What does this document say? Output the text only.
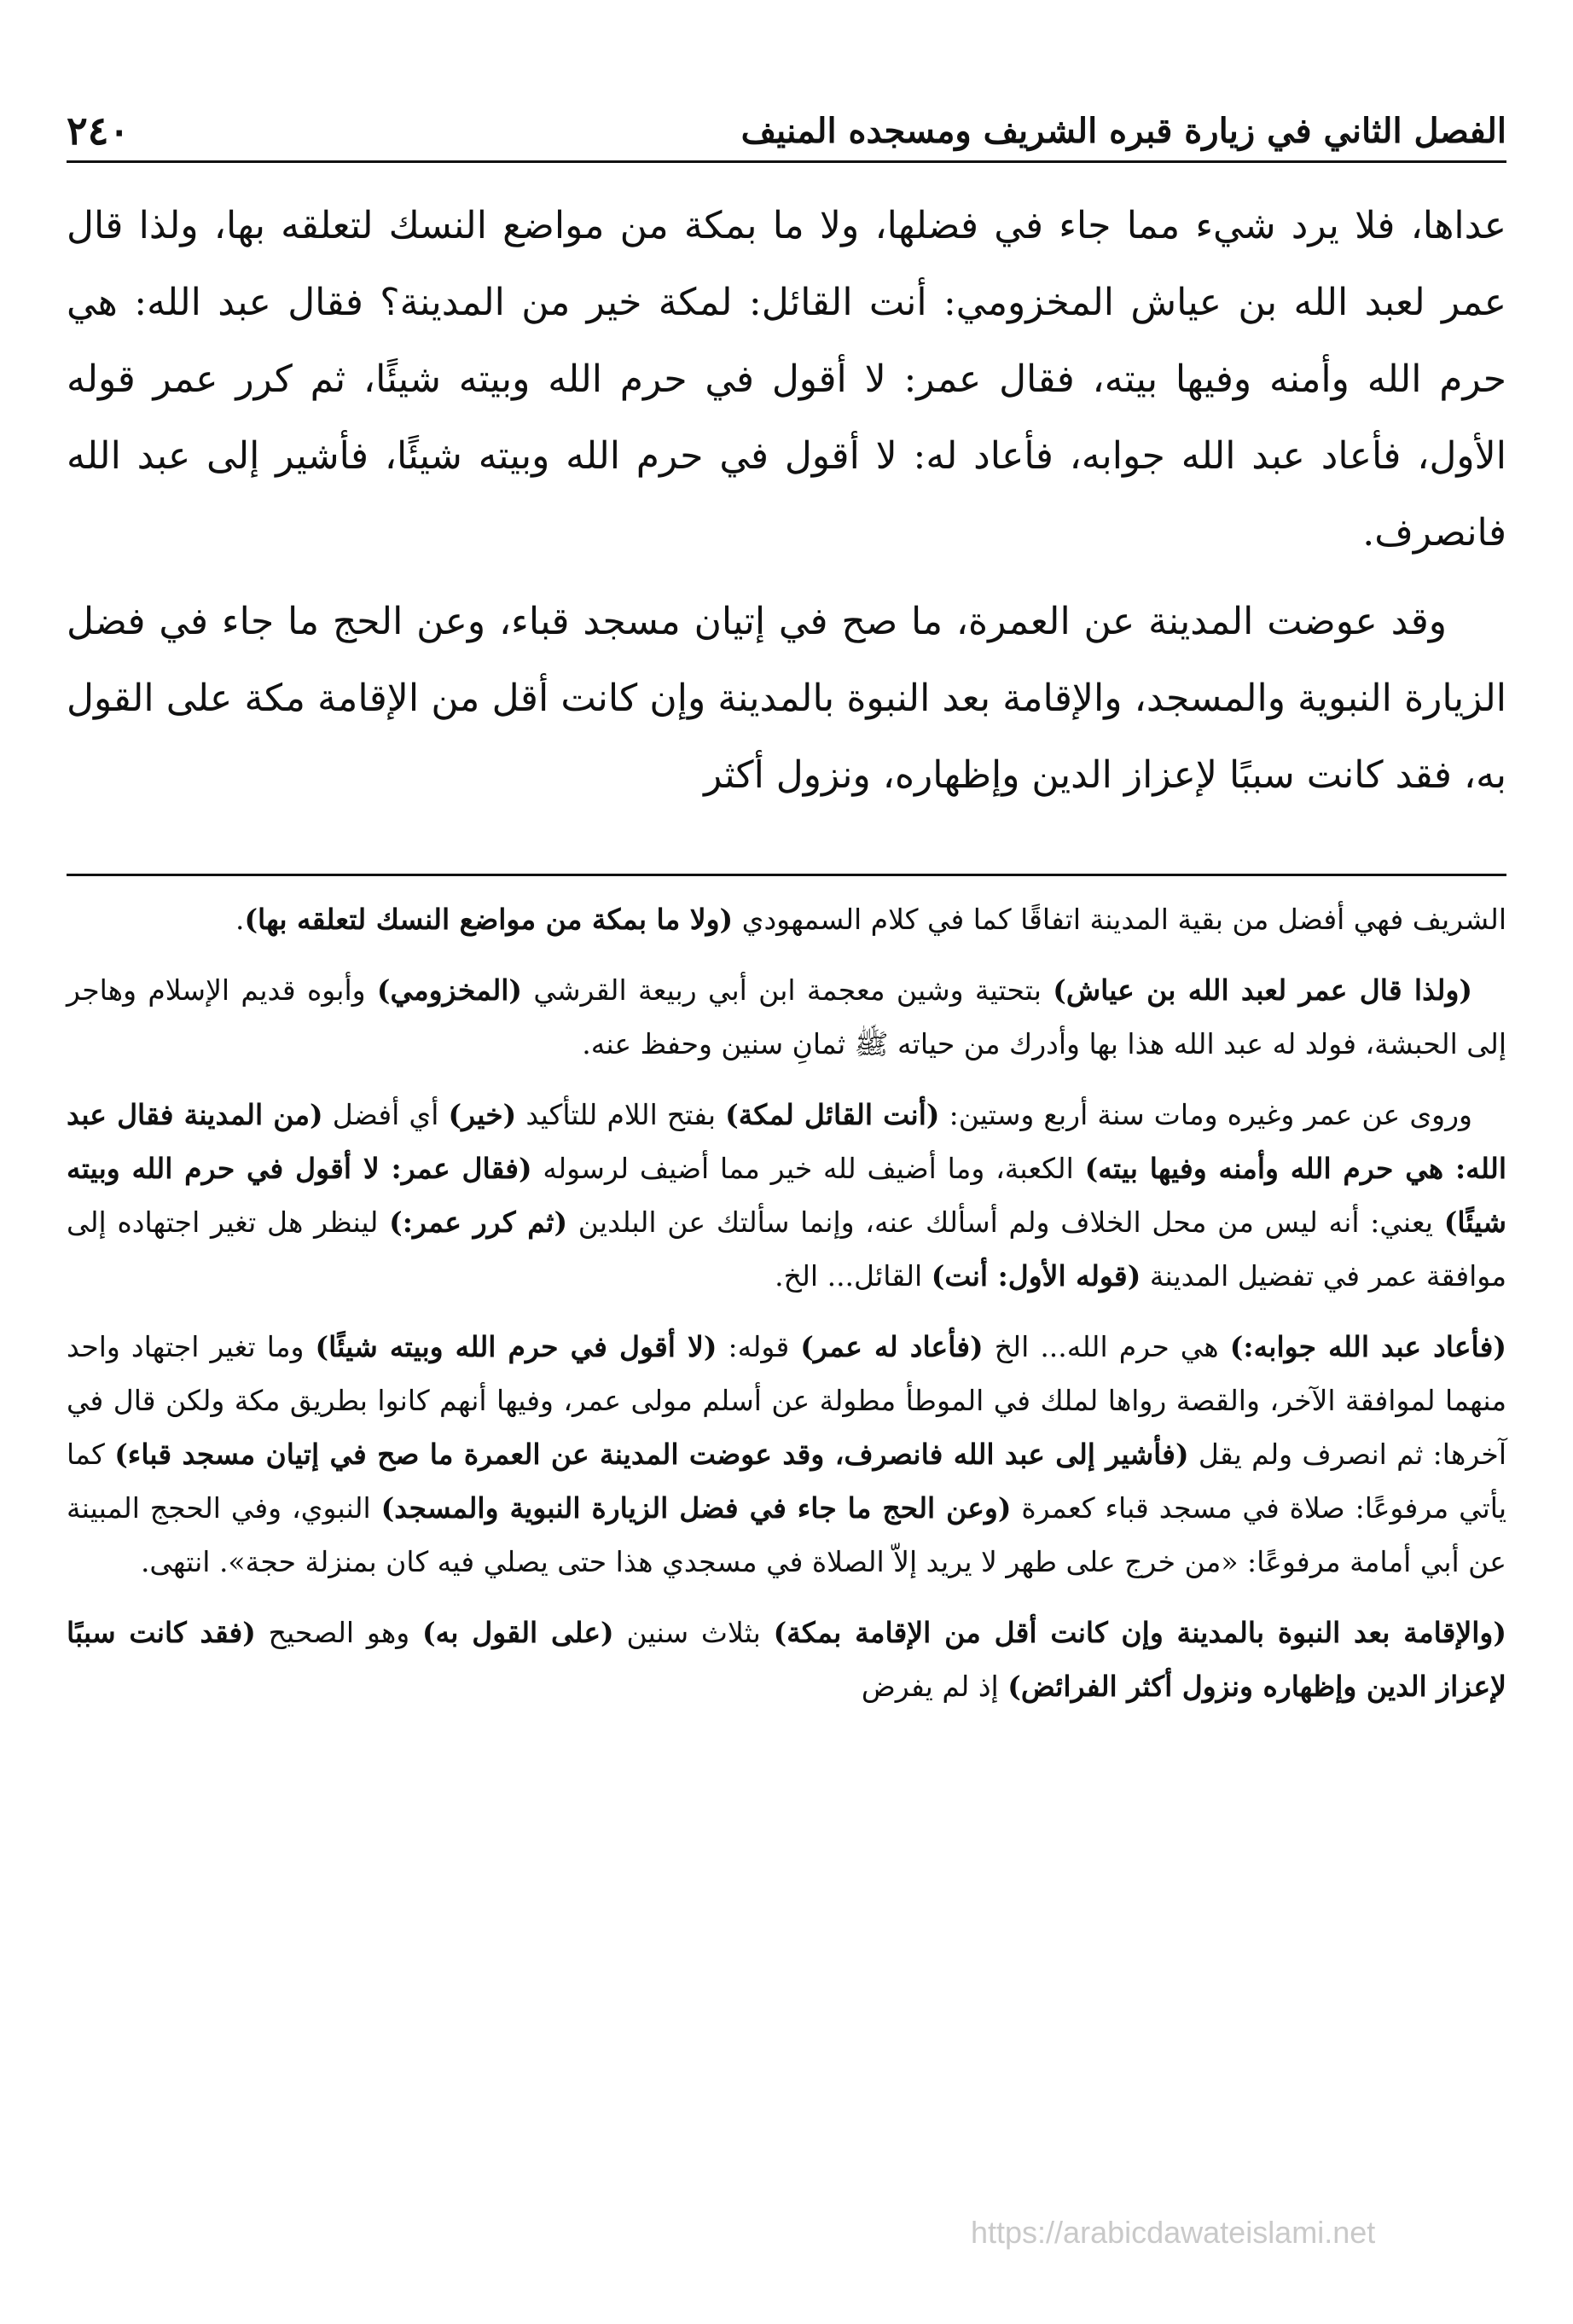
الفصل الثاني في زيارة قبره الشريف ومسجده المنيف
٢٤٠

عداها، فلا يرد شيء مما جاء في فضلها، ولا ما بمكة من مواضع النسك لتعلقه بها، ولذا قال عمر لعبد الله بن عياش المخزومي: أنت القائل: لمكة خير من المدينة؟ فقال عبد الله: هي حرم الله وأمنه وفيها بيته، فقال عمر: لا أقول في حرم الله وبيته شيئًا، ثم كرر عمر قوله الأول، فأعاد عبد الله جوابه، فأعاد له: لا أقول في حرم الله وبيته شيئًا، فأشير إلى عبد الله فانصرف.

وقد عوضت المدينة عن العمرة، ما صح في إتيان مسجد قباء، وعن الحج ما جاء في فضل الزيارة النبوية والمسجد، والإقامة بعد النبوة بالمدينة وإن كانت أقل من الإقامة مكة على القول به، فقد كانت سببًا لإعزاز الدين وإظهاره، ونزول أكثر

الشريف فهي أفضل من بقية المدينة اتفاقًا كما في كلام السمهودي (ولا ما بمكة من مواضع النسك لتعلقه بها).

(ولذا قال عمر لعبد الله بن عياش) بتحتية وشين معجمة ابن أبي ربيعة القرشي (المخزومي) وأبوه قديم الإسلام وهاجر إلى الحبشة، فولد له عبد الله هذا بها وأدرك من حياته ﷺ ثمانِ سنين وحفظ عنه.

وروى عن عمر وغيره ومات سنة أربع وستين: (أنت القائل لمكة) بفتح اللام للتأكيد (خير) أي أفضل (من المدينة فقال عبد الله: هي حرم الله وأمنه وفيها بيته) الكعبة، وما أضيف لله خير مما أضيف لرسوله (فقال عمر: لا أقول في حرم الله وبيته شيئًا) يعني: أنه ليس من محل الخلاف ولم أسألك عنه، وإنما سألتك عن البلدين (ثم كرر عمر:) لينظر هل تغير اجتهاده إلى موافقة عمر في تفضيل المدينة (قوله الأول: أنت) القائل... الخ.

(فأعاد عبد الله جوابه:) هي حرم الله... الخ (فأعاد له عمر) قوله: (لا أقول في حرم الله وبيته شيئًا) وما تغير اجتهاد واحد منهما لموافقة الآخر، والقصة رواها لملك في الموطأ مطولة عن أسلم مولى عمر، وفيها أنهم كانوا بطريق مكة ولكن قال في آخرها: ثم انصرف ولم يقل (فأشير إلى عبد الله فانصرف، وقد عوضت المدينة عن العمرة ما صح في إتيان مسجد قباء) كما يأتي مرفوعًا: صلاة في مسجد قباء كعمرة (وعن الحج ما جاء في فضل الزيارة النبوية والمسجد) النبوي، وفي الحجج المبينة عن أبي أمامة مرفوعًا: «من خرج على طهر لا يريد إلاّ الصلاة في مسجدي هذا حتى يصلي فيه كان بمنزلة حجة». انتهى.

(والإقامة بعد النبوة بالمدينة وإن كانت أقل من الإقامة بمكة) بثلاث سنين (على القول به) وهو الصحيح (فقد كانت سببًا لإعزاز الدين وإظهاره ونزول أكثر الفرائض) إذ لم يفرض

https://arabicdawateislami.net
